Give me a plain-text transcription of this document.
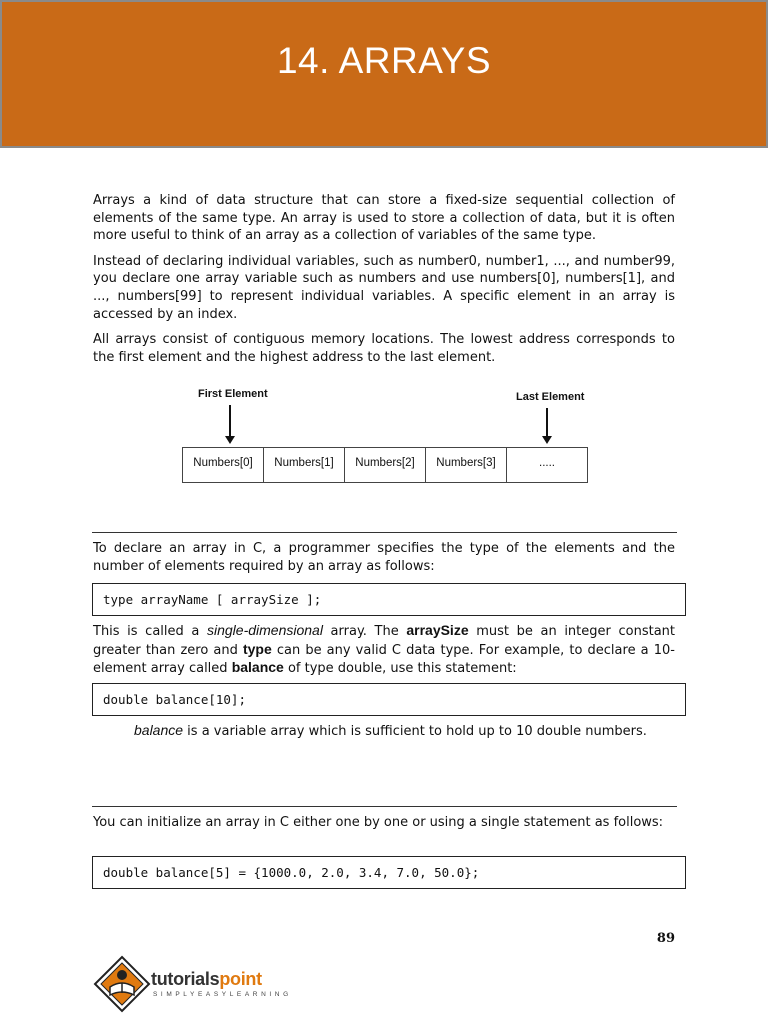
14. ARRAYS

Arrays a kind of data structure that can store a fixed-size sequential collection of elements of the same type. An array is used to store a collection of data, but it is often more useful to think of an array as a collection of variables of the same type.

Instead of declaring individual variables, such as number0, number1, ..., and number99, you declare one array variable such as numbers and use numbers[0], numbers[1], and ..., numbers[99] to represent individual variables. A specific element in an array is accessed by an index.

All arrays consist of contiguous memory locations. The lowest address corresponds to the first element and the highest address to the last element.

First Element	Last Element
Numbers[0]	Numbers[1]	Numbers[2]	Numbers[3]	.....

To declare an array in C, a programmer specifies the type of the elements and the number of elements required by an array as follows:

type arrayName [ arraySize ];

This is called a single-dimensional array. The arraySize must be an integer constant greater than zero and type can be any valid C data type. For example, to declare a 10-element array called balance of type double, use this statement:

double balance[10];

balance is a variable array which is sufficient to hold up to 10 double numbers.

You can initialize an array in C either one by one or using a single statement as follows:

double balance[5] = {1000.0, 2.0, 3.4, 7.0, 50.0};
89
tutorialspoint
SIMPLYEASYLEARNING
